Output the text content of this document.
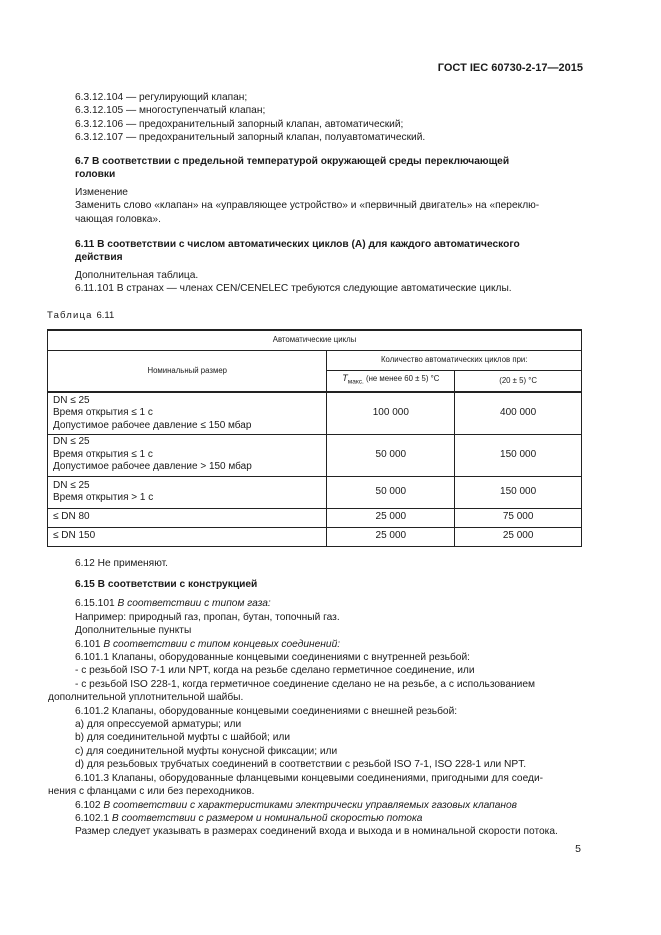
ГОСТ IEC 60730-2-17—2015
6.3.12.104 — регулирующий клапан;
6.3.12.105 — многоступенчатый клапан;
6.3.12.106 — предохранительный запорный клапан, автоматический;
6.3.12.107 — предохранительный запорный клапан, полуавтоматический.
6.7 В соответствии с предельной температурой окружающей среды переключающей
головки
Изменение
Заменить слово «клапан» на «управляющее устройство» и «первичный двигатель» на «переклю-
чающая головка».
6.11 В соответствии с числом автоматических циклов (А) для каждого автоматического
действия
Дополнительная таблица.
6.11.101 В странах — членах CEN/CENELEC требуются следующие автоматические циклы.
Таблица 6.11
Автоматические циклы		
Номинальный размер	Количество автоматических циклов при:	
	$T_{макс.}$ (не менее 60 ± 5) °C	(20 ± 5) °C

DN ≤ 25
Время открытия ≤ 1 с
Допустимое рабочее давление ≤ 150 мбар	100 000	400 000

DN ≤ 25
Время открытия ≤ 1 с
Допустимое рабочее давление > 150 мбар	50 000	150 000

DN ≤ 25
Время открытия > 1 с	50 000	150 000
≤ DN 80	25 000	75 000
≤ DN 150	25 000	25 000
6.12 Не применяют.
6.15 В соответствии с конструкцией
6.15.101 В соответствии с типом газа:
Например: природный газ, пропан, бутан, топочный газ.
Дополнительные пункты
6.101 В соответствии с типом концевых соединений:
6.101.1 Клапаны, оборудованные концевыми соединениями с внутренней резьбой:
- с резьбой ISO 7-1 или NPT, когда на резьбе сделано герметичное соединение, или
- с резьбой ISO 228-1, когда герметичное соединение сделано не на резьбе, а с использованием
дополнительной уплотнительной шайбы.
6.101.2 Клапаны, оборудованные концевыми соединениями с внешней резьбой:
a) для опрессуемой арматуры; или
b) для соединительной муфты с шайбой; или
c) для соединительной муфты конусной фиксации; или
d) для резьбовых трубчатых соединений в соответствии с резьбой ISO 7-1, ISO 228-1 или NPT.
6.101.3 Клапаны, оборудованные фланцевыми концевыми соединениями, пригодными для соеди-
нения с фланцами с или без переходников.
6.102 В соответствии с характеристиками электрически управляемых газовых клапанов
6.102.1 В соответствии с размером и номинальной скоростью потока
Размер следует указывать в размерах соединений входа и выхода и в номинальной скорости потока.
5
